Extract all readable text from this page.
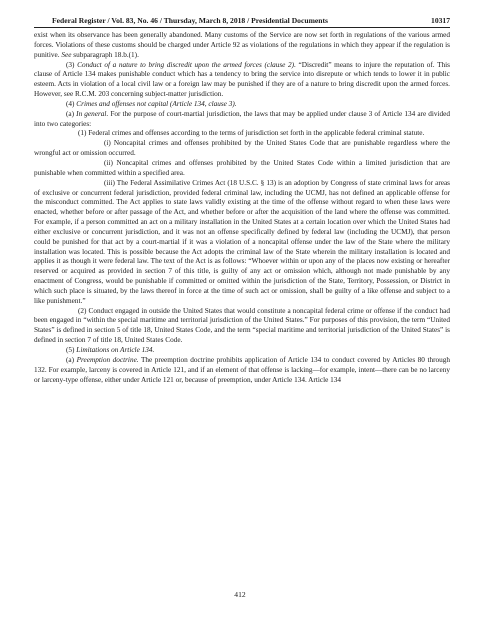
Federal Register / Vol. 83, No. 46 / Thursday, March 8, 2018 / Presidential Documents	10317

exist when its observance has been generally abandoned. Many customs of the Service are now set forth in regulations of the various armed forces. Violations of these customs should be charged under Article 92 as violations of the regulations in which they appear if the regulation is punitive. See subparagraph 18.b.(1).

(3) Conduct of a nature to bring discredit upon the armed forces (clause 2). “Discredit” means to injure the reputation of. This clause of Article 134 makes punishable conduct which has a tendency to bring the service into disrepute or which tends to lower it in public esteem. Acts in violation of a local civil law or a foreign law may be punished if they are of a nature to bring discredit upon the armed forces. However, see R.C.M. 203 concerning subject-matter jurisdiction.

(4) Crimes and offenses not capital (Article 134, clause 3).

(a) In general. For the purpose of court-martial jurisdiction, the laws that may be applied under clause 3 of Article 134 are divided into two categories:

(1) Federal crimes and offenses according to the terms of jurisdiction set forth in the applicable federal criminal statute.

(i) Noncapital crimes and offenses prohibited by the United States Code that are punishable regardless where the wrongful act or omission occurred.

(ii) Noncapital crimes and offenses prohibited by the United States Code within a limited jurisdiction that are punishable when committed within a specified area.

(iii) The Federal Assimilative Crimes Act (18 U.S.C. § 13) is an adoption by Congress of state criminal laws for areas of exclusive or concurrent federal jurisdiction, provided federal criminal law, including the UCMJ, has not defined an applicable offense for the misconduct committed. The Act applies to state laws validly existing at the time of the offense without regard to when these laws were enacted, whether before or after passage of the Act, and whether before or after the acquisition of the land where the offense was committed. For example, if a person committed an act on a military installation in the United States at a certain location over which the United States had either exclusive or concurrent jurisdiction, and it was not an offense specifically defined by federal law (including the UCMJ), that person could be punished for that act by a court-martial if it was a violation of a noncapital offense under the law of the State where the military installation was located. This is possible because the Act adopts the criminal law of the State wherein the military installation is located and applies it as though it were federal law. The text of the Act is as follows: “Whoever within or upon any of the places now existing or hereafter reserved or acquired as provided in section 7 of this title, is guilty of any act or omission which, although not made punishable by any enactment of Congress, would be punishable if committed or omitted within the jurisdiction of the State, Territory, Possession, or District in which such place is situated, by the laws thereof in force at the time of such act or omission, shall be guilty of a like offense and subject to a like punishment.”

(2) Conduct engaged in outside the United States that would constitute a noncapital federal crime or offense if the conduct had been engaged in “within the special maritime and territorial jurisdiction of the United States.” For purposes of this provision, the term “United States” is defined in section 5 of title 18, United States Code, and the term “special maritime and territorial jurisdiction of the United States” is defined in section 7 of title 18, United States Code.

(5) Limitations on Article 134.

(a) Preemption doctrine. The preemption doctrine prohibits application of Article 134 to conduct covered by Articles 80 through 132. For example, larceny is covered in Article 121, and if an element of that offense is lacking—for example, intent—there can be no larceny or larceny-type offense, either under Article 121 or, because of preemption, under Article 134. Article 134

412
